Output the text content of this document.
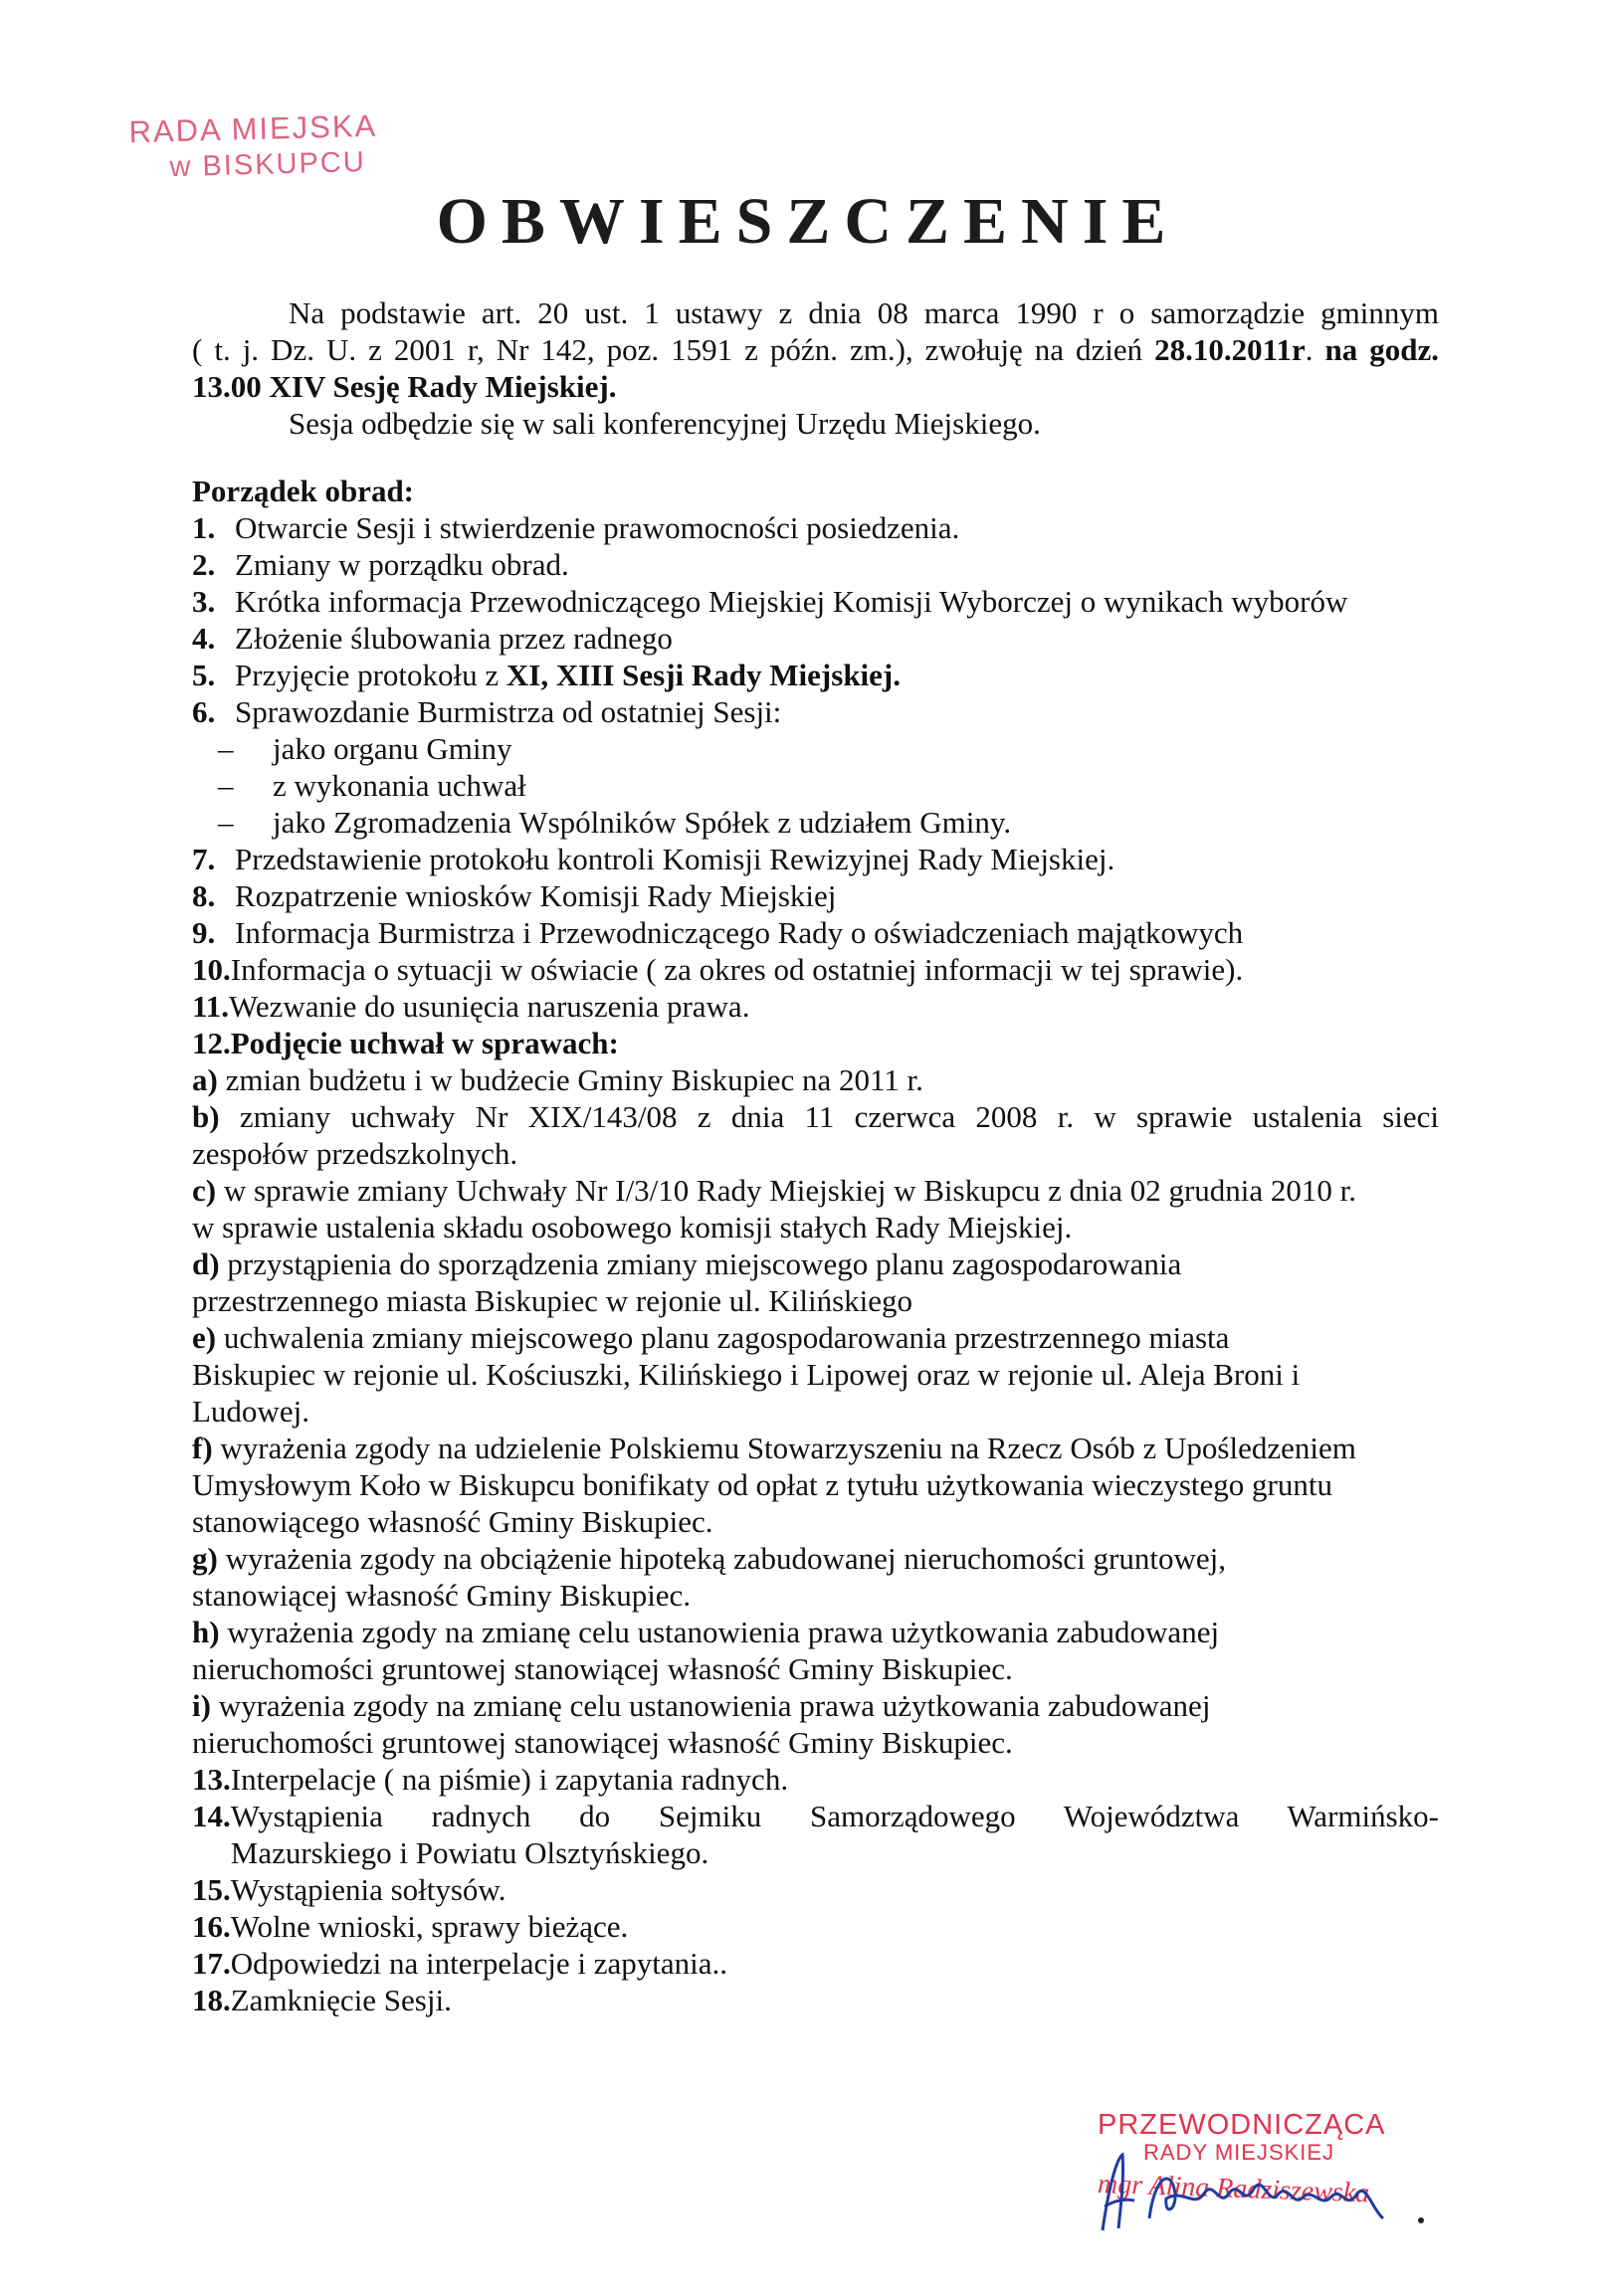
RADA MIEJSKA
w BISKUPCU
OBWIESZCZENIE
Na podstawie art. 20 ust. 1 ustawy z dnia 08 marca 1990 r o samorządzie gminnym
( t. j. Dz. U. z 2001 r, Nr 142, poz. 1591 z późn. zm.), zwołuję na dzień 28.10.2011r. na godz.
13.00 XIV Sesję Rady Miejskiej.
Sesja odbędzie się w sali konferencyjnej Urzędu Miejskiego.
Porządek obrad:
1. Otwarcie Sesji i stwierdzenie prawomocności posiedzenia.
2. Zmiany w porządku obrad.
3. Krótka informacja Przewodniczącego Miejskiej Komisji Wyborczej o wynikach wyborów
4. Złożenie ślubowania przez radnego
5. Przyjęcie protokołu z XI, XIII Sesji Rady Miejskiej.
6. Sprawozdanie Burmistrza od ostatniej Sesji:
–	jako organu Gminy
–	z wykonania uchwał
–	jako Zgromadzenia Wspólników Spółek z udziałem Gminy.
7. Przedstawienie protokołu kontroli Komisji Rewizyjnej Rady Miejskiej.
8. Rozpatrzenie wniosków Komisji Rady Miejskiej
9. Informacja Burmistrza i Przewodniczącego Rady o oświadczeniach majątkowych
10. Informacja o sytuacji w oświacie ( za okres od ostatniej informacji w tej sprawie).
11. Wezwanie do usunięcia naruszenia prawa.
12. Podjęcie uchwał w sprawach:
a) zmian budżetu i w budżecie Gminy Biskupiec na 2011 r.
b) zmiany uchwały Nr XIX/143/08 z dnia 11 czerwca 2008 r. w sprawie ustalenia sieci
zespołów przedszkolnych.
c) w sprawie zmiany Uchwały Nr I/3/10 Rady Miejskiej w Biskupcu z dnia 02 grudnia 2010 r.
w sprawie ustalenia składu osobowego komisji stałych Rady Miejskiej.
d) przystąpienia do sporządzenia zmiany miejscowego planu zagospodarowania
przestrzennego miasta Biskupiec w rejonie ul. Kilińskiego
e) uchwalenia zmiany miejscowego planu zagospodarowania przestrzennego miasta
Biskupiec w rejonie ul. Kościuszki, Kilińskiego i Lipowej oraz w rejonie ul. Aleja Broni i
Ludowej.
f) wyrażenia zgody na udzielenie Polskiemu Stowarzyszeniu na Rzecz Osób z Upośledzeniem
Umysłowym Koło w Biskupcu bonifikaty od opłat z tytułu użytkowania wieczystego gruntu
stanowiącego własność Gminy Biskupiec.
g) wyrażenia zgody na obciążenie hipoteką zabudowanej nieruchomości gruntowej,
stanowiącej własność Gminy Biskupiec.
h) wyrażenia zgody na zmianę celu ustanowienia prawa użytkowania zabudowanej
nieruchomości gruntowej stanowiącej własność Gminy Biskupiec.
i) wyrażenia zgody na zmianę celu ustanowienia prawa użytkowania zabudowanej
nieruchomości gruntowej stanowiącej własność Gminy Biskupiec.
13. Interpelacje ( na piśmie) i zapytania radnych.
14. Wystąpienia radnych do Sejmiku Samorządowego Województwa Warmińsko-
Mazurskiego i Powiatu Olsztyńskiego.
15. Wystąpienia sołtysów.
16. Wolne wnioski, sprawy bieżące.
17. Odpowiedzi na interpelacje i zapytania..
18. Zamknięcie Sesji.
PRZEWODNICZĄCA
RADY MIEJSKIEJ
mgr Alina Radziszewska
